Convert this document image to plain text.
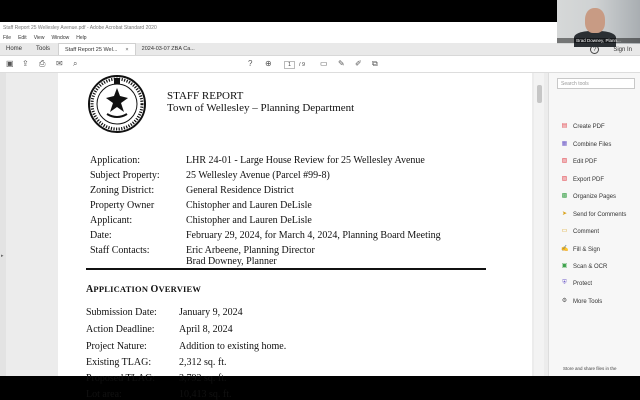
Staff Report 25 Wellesley Avenue.pdf - Adobe Acrobat Standard 2020
File Edit View Window Help
Home	Tools	Staff Report 25 Wel... × 2024-03-07 ZBA Ca...	?	Sign In
▣ ⇪ ⎙ ✉ ⌕	? ⊕	1	/ 9 ▭ ✎ ✐ ⧉
▸
STAFF REPORT
Town of Wellesley – Planning Department
Application:	LHR 24-01 - Large House Review for 25 Wellesley Avenue
Subject Property:	25 Wellesley Avenue (Parcel #99-8)
Zoning District:	General Residence District
Property Owner	Chistopher and Lauren DeLisle
Applicant:	Chistopher and Lauren DeLisle
Date:	February 29, 2024, for March 4, 2024, Planning Board Meeting
Staff Contacts:	Eric Arbeene, Planning Director
Brad Downey, Planner
APPLICATION OVERVIEW
Submission Date: January 9, 2024
Action Deadline: April 8, 2024
Project Nature:	Addition to existing home.
Existing TLAG:	2,312 sq. ft.
Proposed TLAG: 3,792 sq. ft.
Lot area:	10,413 sq. ft.
Search tools
▤ Create PDF
▦ Combine Files
▧ Edit PDF
▨ Export PDF
▩ Organize Pages
➤ Send for Comments
▭ Comment
✍ Fill & Sign
▣ Scan & OCR
⛨ Protect
⚙ More Tools
Store and share files in the
Brad Downey, Plann...
